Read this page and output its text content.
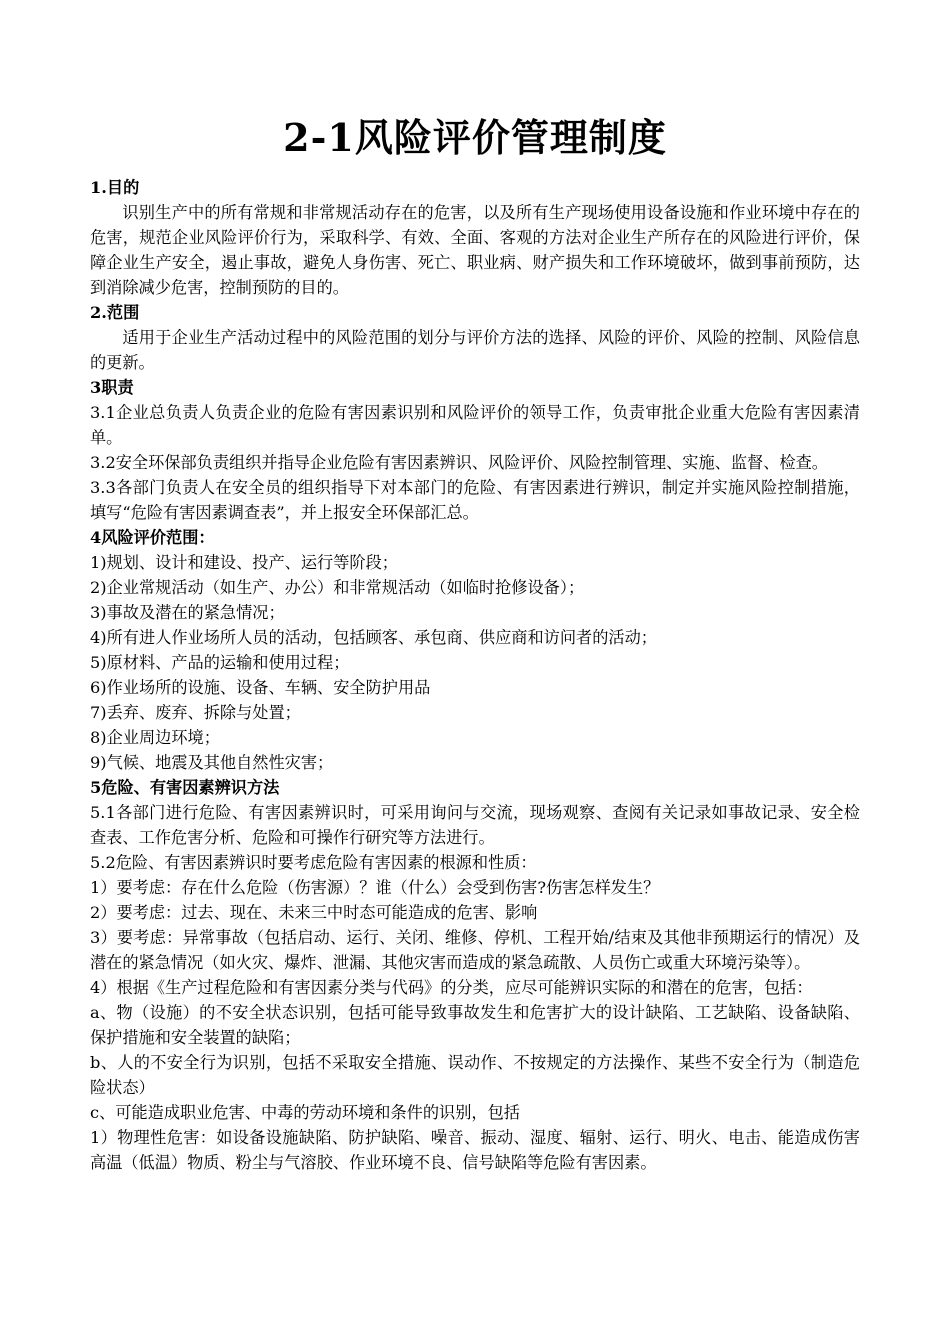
2-1风险评价管理制度

1.目的

识别生产中的所有常规和非常规活动存在的危害，以及所有生产现场使用设备设施和作业环境中存在的危害，规范企业风险评价行为，采取科学、有效、全面、客观的方法对企业生产所存在的风险进行评价，保障企业生产安全，遏止事故，避免人身伤害、死亡、职业病、财产损失和工作环境破坏，做到事前预防，达到消除减少危害，控制预防的目的。

2.范围

适用于企业生产活动过程中的风险范围的划分与评价方法的选择、风险的评价、风险的控制、风险信息的更新。

3职责

3.1企业总负责人负责企业的危险有害因素识别和风险评价的领导工作，负责审批企业重大危险有害因素清单。

3.2安全环保部负责组织并指导企业危险有害因素辨识、风险评价、风险控制管理、实施、监督、检查。

3.3各部门负责人在安全员的组织指导下对本部门的危险、有害因素进行辨识，制定并实施风险控制措施，填写“危险有害因素调查表”，并上报安全环保部汇总。

4风险评价范围：

1)规划、设计和建设、投产、运行等阶段；

2)企业常规活动（如生产、办公）和非常规活动（如临时抢修设备）；

3)事故及潜在的紧急情况；

4)所有进人作业场所人员的活动，包括顾客、承包商、供应商和访问者的活动；

5)原材料、产品的运输和使用过程；

6)作业场所的设施、设备、车辆、安全防护用品

7)丢弃、废弃、拆除与处置；

8)企业周边环境；

9)气候、地震及其他自然性灾害；

5危险、有害因素辨识方法

5.1各部门进行危险、有害因素辨识时，可采用询问与交流，现场观察、查阅有关记录如事故记录、安全检查表、工作危害分析、危险和可操作行研究等方法进行。

5.2危险、有害因素辨识时要考虑危险有害因素的根源和性质：

1）要考虑：存在什么危险（伤害源）？谁（什么）会受到伤害?伤害怎样发生？

2）要考虑：过去、现在、未来三中时态可能造成的危害、影响

3）要考虑：异常事故（包括启动、运行、关闭、维修、停机、工程开始/结束及其他非预期运行的情况）及潜在的紧急情况（如火灾、爆炸、泄漏、其他灾害而造成的紧急疏散、人员伤亡或重大环境污染等）。

4）根据《生产过程危险和有害因素分类与代码》的分类，应尽可能辨识实际的和潜在的危害，包括：

a、物（设施）的不安全状态识别，包括可能导致事故发生和危害扩大的设计缺陷、工艺缺陷、设备缺陷、保护措施和安全装置的缺陷；

b、人的不安全行为识别，包括不采取安全措施、误动作、不按规定的方法操作、某些不安全行为（制造危险状态）

c、可能造成职业危害、中毒的劳动环境和条件的识别，包括

1）物理性危害：如设备设施缺陷、防护缺陷、噪音、振动、湿度、辐射、运行、明火、电击、能造成伤害高温（低温）物质、粉尘与气溶胶、作业环境不良、信号缺陷等危险有害因素。
